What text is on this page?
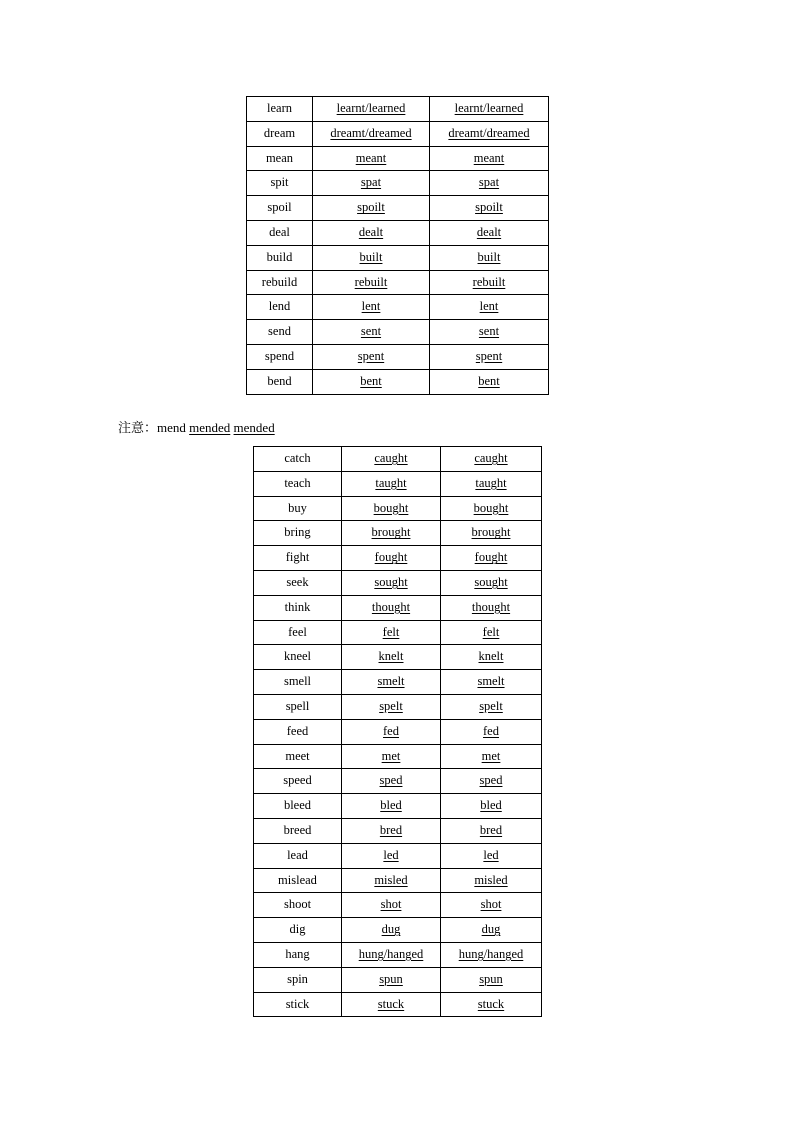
learn	learnt/learned	learnt/learned
dream	dreamt/dreamed	dreamt/dreamed
mean	meant	meant
spit	spat	spat
spoil	spoilt	spoilt
deal	dealt	dealt
build	built	built
rebuild	rebuilt	rebuilt
lend	lent	lent
send	sent	sent
spend	spent	spent
bend	bent	bent
注意：mend mended mended
catch	caught	caught
teach	taught	taught
buy	bought	bought
bring	brought	brought
fight	fought	fought
seek	sought	sought
think	thought	thought
feel	felt	felt
kneel	knelt	knelt
smell	smelt	smelt
spell	spelt	spelt
feed	fed	fed
meet	met	met
speed	sped	sped
bleed	bled	bled
breed	bred	bred
lead	led	led
mislead	misled	misled
shoot	shot	shot
dig	dug	dug
hang	hung/hanged	hung/hanged
spin	spun	spun
stick	stuck	stuck
